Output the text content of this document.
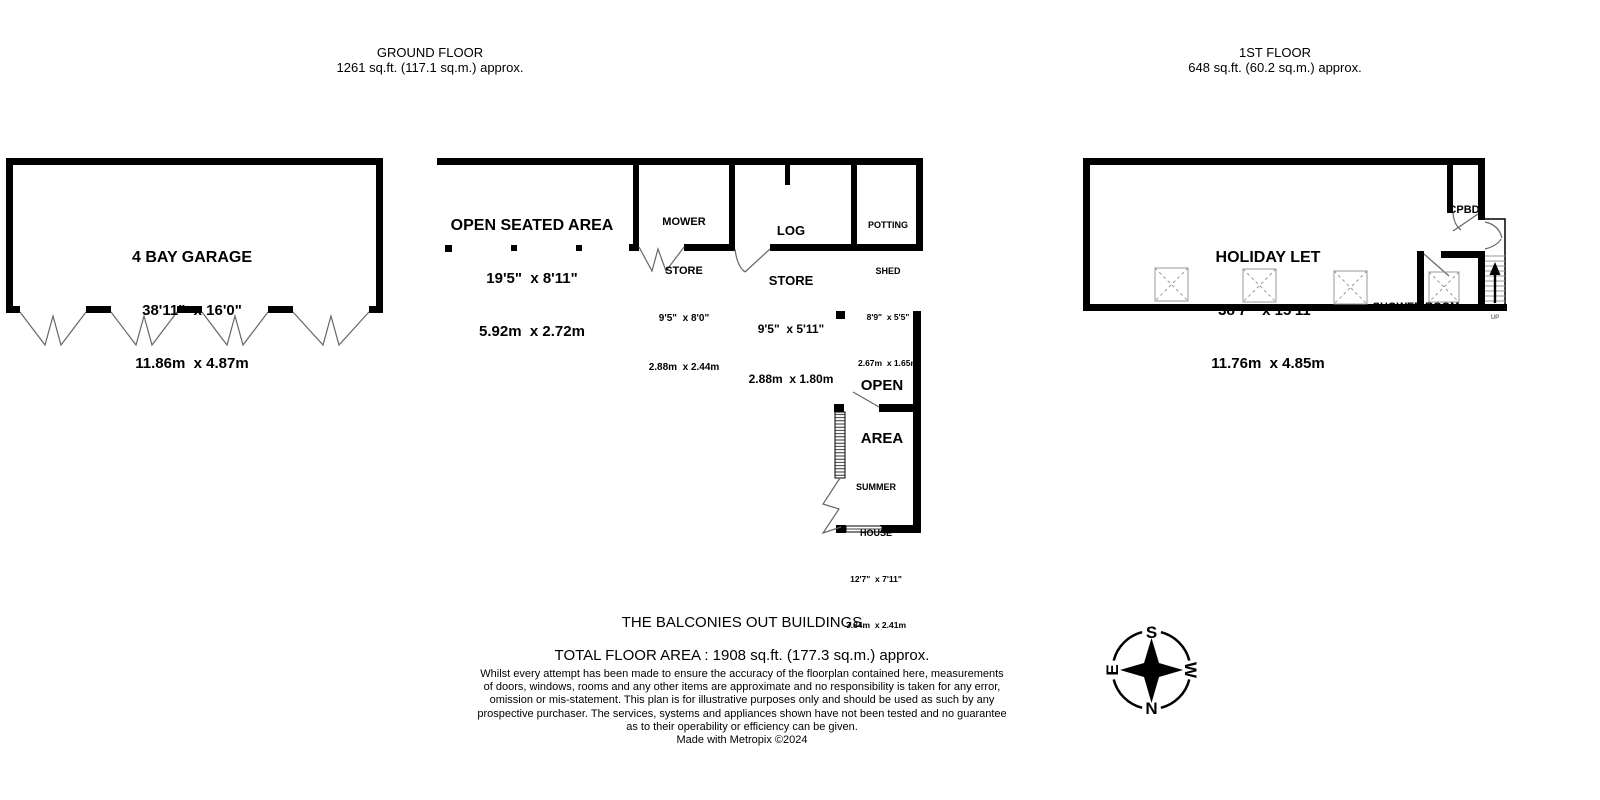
S
N
E	W
GROUND FLOOR
1261 sq.ft. (117.1 sq.m.) approx.
1ST FLOOR
648 sq.ft. (60.2 sq.m.) approx.

4 BAY GARAGE

38'11"  x 16'0"

11.86m  x 4.87m

OPEN SEATED AREA

19'5"  x 8'11"

5.92m  x 2.72m

MOWER

STORE

9'5"  x 8'0"

2.88m  x 2.44m

LOG

STORE

9'5"  x 5'11"

2.88m  x 1.80m

POTTING

SHED

8'9"  x 5'5"

2.67m  x 1.65m

OPEN

AREA

SUMMER

HOUSE

12'7"  x 7'11"

3.84m  x 2.41m

HOLIDAY LET

38'7"  x 15'11"

11.76m  x 4.85m

CPBD

SHOWER ROOM

UP
THE BALCONIES OUT BUILDINGS
TOTAL FLOOR AREA : 1908 sq.ft. (177.3 sq.m.) approx.
Whilst every attempt has been made to ensure the accuracy of the floorplan contained here, measurements
of doors, windows, rooms and any other items are approximate and no responsibility is taken for any error,
omission or mis-statement. This plan is for illustrative purposes only and should be used as such by any
prospective purchaser. The services, systems and appliances shown have not been tested and no guarantee
as to their operability or efficiency can be given.
Made with Metropix ©2024
